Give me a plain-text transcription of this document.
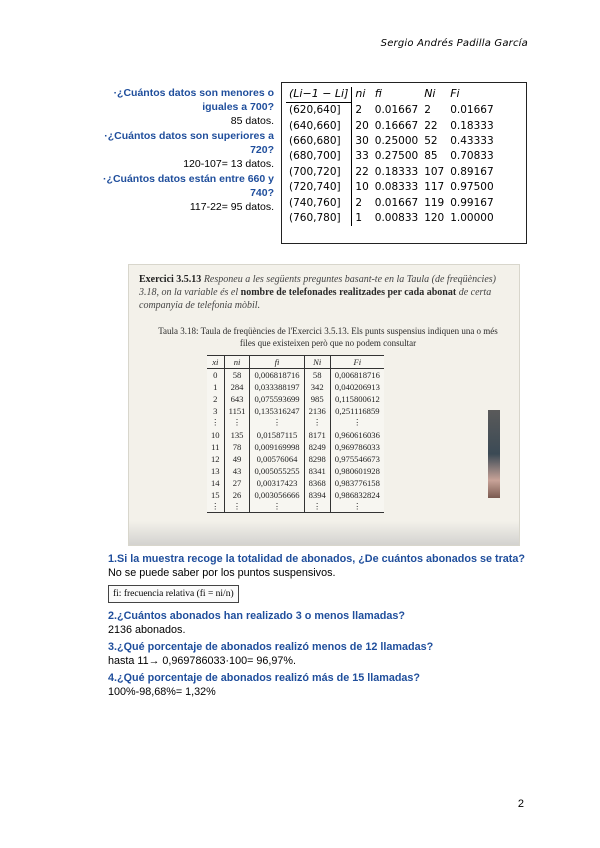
Sergio Andrés Padilla García
·¿Cuántos datos son menores o iguales a 700?
85 datos.
·¿Cuántos datos son superiores a 720?
120-107= 13 datos.
·¿Cuántos datos están entre 660 y 740?
117-22= 95 datos.
(Li−1 − Li]	ni	fi	Ni	Fi
(620,640]	2	0.01667	2	0.01667
(640,660]	20	0.16667	22	0.18333
(660,680]	30	0.25000	52	0.43333
(680,700]	33	0.27500	85	0.70833
(700,720]	22	0.18333	107	0.89167
(720,740]	10	0.08333	117	0.97500
(740,760]	2	0.01667	119	0.99167
(760,780]	1	0.00833	120	1.00000
Exercici 3.5.13 Responeu a les següents preguntes basant-te en la Taula (de freqüències) 3.18, on la variable és el nombre de telefonades realitzades per cada abonat de certa companyia de telefonia mòbil.
Taula 3.18: Taula de freqüències de l'Exercici 3.5.13. Els punts suspensius indiquen una o més files que existeixen però que no podem consultar
xi	ni	fi	Ni	Fi
0	58	0,006818716	58	0,006818716
1	284	0,033388197	342	0,040206913
2	643	0,075593699	985	0,115800612
3	1151	0,135316247	2136	0,251116859
⋮	⋮	⋮	⋮	⋮
10	135	0,01587115	8171	0,960616036
11	78	0,009169998	8249	0,969786033
12	49	0,00576064	8298	0,975546673
13	43	0,005055255	8341	0,980601928
14	27	0,00317423	8368	0,983776158
15	26	0,003056666	8394	0,986832824
⋮	⋮	⋮	⋮	⋮
1.Si la muestra recoge la totalidad de abonados, ¿De cuántos abonados se trata?
No se puede saber por los puntos suspensivos.
fi: frecuencia relativa (fi = ni/n)
2.¿Cuántos abonados han realizado 3 o menos llamadas?
2136 abonados.
3.¿Qué porcentaje de abonados realizó menos de 12 llamadas?
hasta 11→ 0,969786033·100= 96,97%.
4.¿Qué porcentaje de abonados realizó más de 15 llamadas?
100%-98,68%= 1,32%
2
